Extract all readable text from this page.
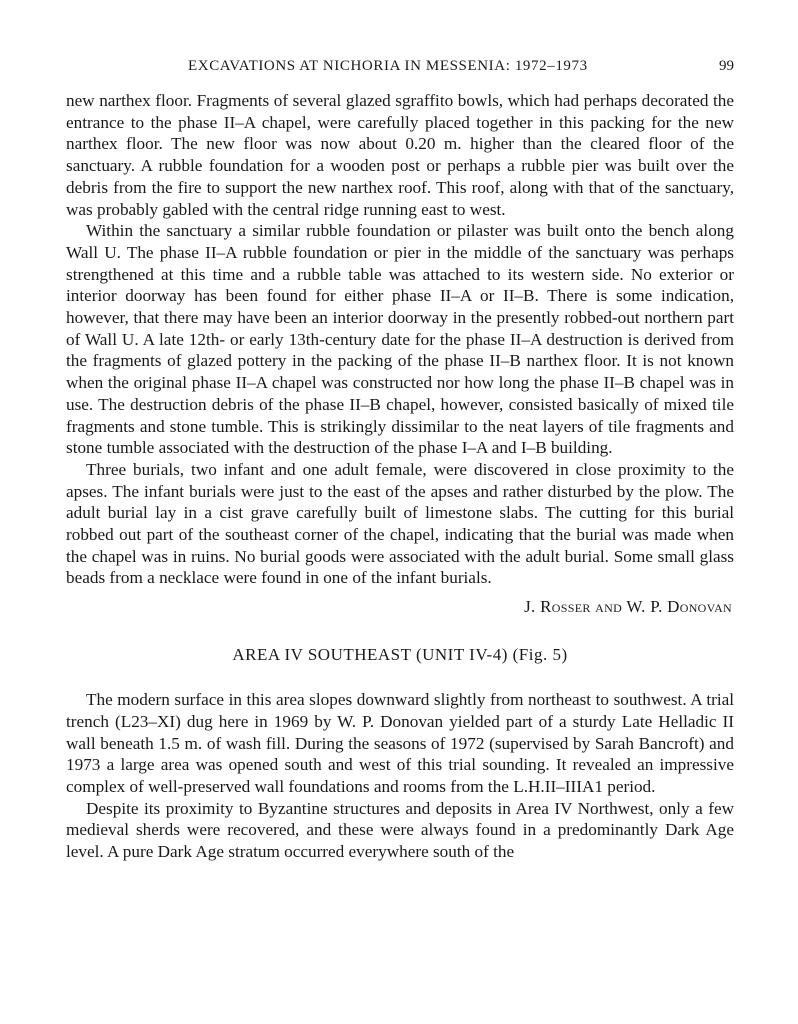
EXCAVATIONS AT NICHORIA IN MESSENIA: 1972–1973	99

new narthex floor. Fragments of several glazed sgraffito bowls, which had perhaps decorated the entrance to the phase II–A chapel, were carefully placed together in this packing for the new narthex floor. The new floor was now about 0.20 m. higher than the cleared floor of the sanctuary. A rubble foundation for a wooden post or perhaps a rubble pier was built over the debris from the fire to support the new narthex roof. This roof, along with that of the sanctuary, was probably gabled with the central ridge running east to west.

Within the sanctuary a similar rubble foundation or pilaster was built onto the bench along Wall U. The phase II–A rubble foundation or pier in the middle of the sanctuary was perhaps strengthened at this time and a rubble table was attached to its western side. No exterior or interior doorway has been found for either phase II–A or II–B. There is some indication, however, that there may have been an interior doorway in the presently robbed-out northern part of Wall U. A late 12th- or early 13th-century date for the phase II–A destruction is derived from the fragments of glazed pottery in the packing of the phase II–B narthex floor. It is not known when the original phase II–A chapel was constructed nor how long the phase II–B chapel was in use. The destruction debris of the phase II–B chapel, however, consisted basically of mixed tile fragments and stone tumble. This is strikingly dissimilar to the neat layers of tile fragments and stone tumble associated with the destruction of the phase I–A and I–B building.

Three burials, two infant and one adult female, were discovered in close proximity to the apses. The infant burials were just to the east of the apses and rather disturbed by the plow. The adult burial lay in a cist grave carefully built of limestone slabs. The cutting for this burial robbed out part of the southeast corner of the chapel, indicating that the burial was made when the chapel was in ruins. No burial goods were associated with the adult burial. Some small glass beads from a necklace were found in one of the infant burials.

J. Rosser and W. P. Donovan
AREA IV SOUTHEAST (UNIT IV-4) (Fig. 5)

The modern surface in this area slopes downward slightly from northeast to southwest. A trial trench (L23–XI) dug here in 1969 by W. P. Donovan yielded part of a sturdy Late Helladic II wall beneath 1.5 m. of wash fill. During the seasons of 1972 (supervised by Sarah Bancroft) and 1973 a large area was opened south and west of this trial sounding. It revealed an impressive complex of well-preserved wall foundations and rooms from the L.H.II–IIIA1 period.

Despite its proximity to Byzantine structures and deposits in Area IV Northwest, only a few medieval sherds were recovered, and these were always found in a predominantly Dark Age level. A pure Dark Age stratum occurred everywhere south of the
